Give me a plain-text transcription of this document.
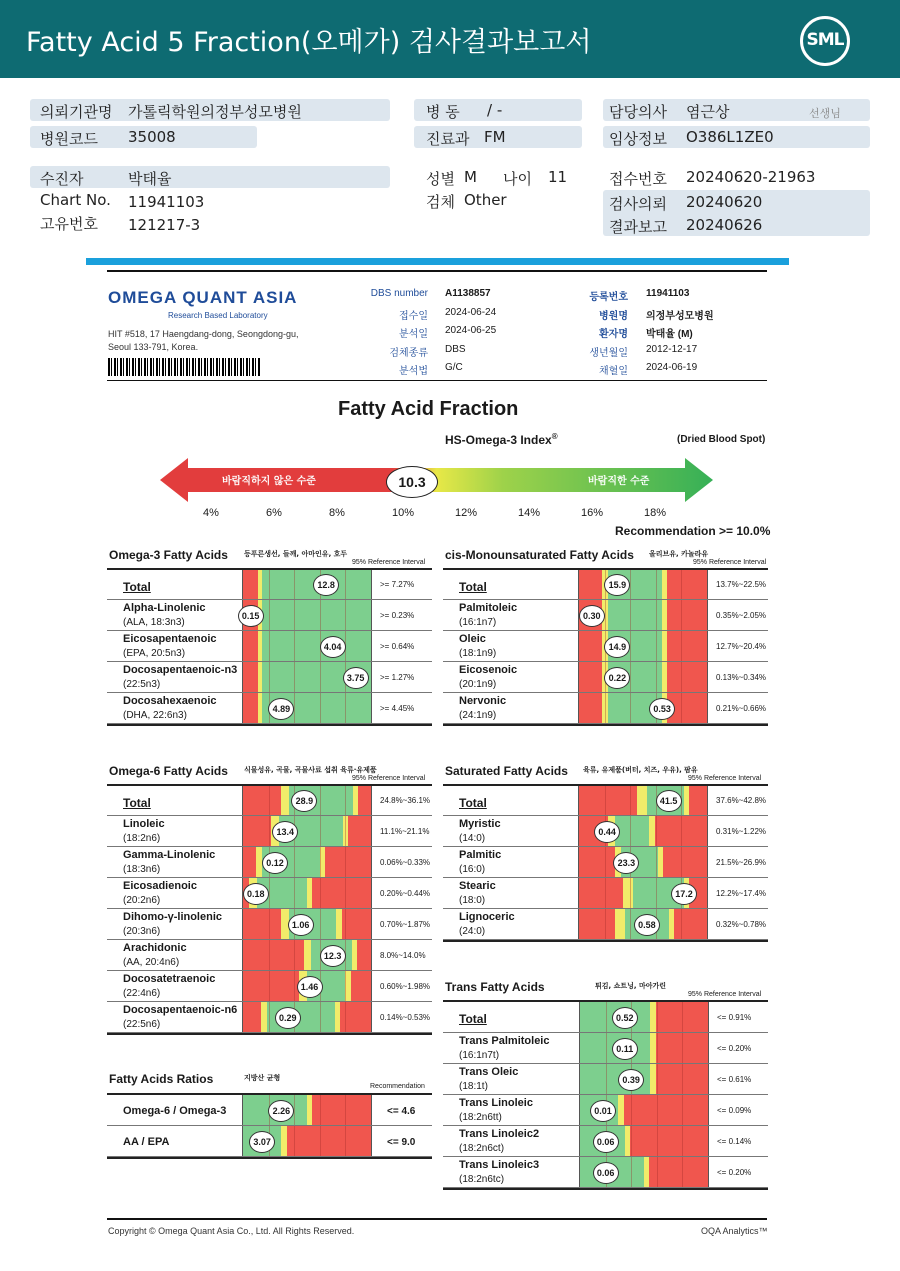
Fatty Acid 5 Fraction(오메가) 검사결과보고서	SML
의뢰기관명 가톨릭학원의정부성모병원
병원코드 35008
병 동 / -
진료과 FM
담당의사 염근상	선생님
임상정보 O386L1ZE0
수진자	박태율
Chart No. 11941103
고유번호 121217-3
성별 M 나이 11
검체 Other
접수번호 20240620-21963
검사의뢰 20240620
결과보고 20240626
OMEGA QUANT ASIA
Research Based Laboratory
HIT #518, 17 Haengdang-dong, Seongdong-gu,
Seoul 133-791, Korea.
DBS number A1138857
접수일 2024-06-24
분석일 2024-06-25
검체종류 DBS
분석법 G/C
등록번호 11941103
병원명 의정부성모병원
환자명 박태율 (M)
생년월일 2012-12-17
채혈일 2024-06-19
Fatty Acid Fraction
HS-Omega-3 Index®	(Dried Blood Spot)
바람직하지 않은 수준	바람직한 수준
10.3
4%	6%	8%	10%	12%	14%	16%	18%
Recommendation >= 10.0%
Omega-3 Fatty Acids 등푸른생선, 들깨, 아마인유, 호두
95% Reference Interval
Total	12.8	>= 7.27%
Alpha-Linolenic
(ALA, 18:3n3)
0.15	>= 0.23%
Eicosapentaenoic
(EPA, 20:5n3)
4.04	>= 0.64%
Docosapentaenoic-n3
(22:5n3)
3.75	>= 1.27%
Docosahexaenoic
(DHA, 22:6n3)
4.89	>= 4.45%
cis-Monounsaturated Fatty Acids 올리브유, 카놀라유
95% Reference Interval
Total	15.9	13.7%~22.5%
Palmitoleic
(16:1n7)
0.30	0.35%~2.05%
Oleic
(18:1n9)
14.9	12.7%~20.4%
Eicosenoic
(20:1n9)
0.22	0.13%~0.34%
Nervonic
(24:1n9)
0.53	0.21%~0.66%
Omega-6 Fatty Acids 식물성유, 곡물, 곡물사료 섭취 육류·유제품
95% Reference Interval
Total	28.9	24.8%~36.1%
Linoleic
(18:2n6)
13.4	11.1%~21.1%
Gamma-Linolenic
(18:3n6)
0.12	0.06%~0.33%
Eicosadienoic
(20:2n6)
0.18	0.20%~0.44%
Dihomo-γ-linolenic
(20:3n6)
1.06	0.70%~1.87%
Arachidonic
(AA, 20:4n6)
12.3	8.0%~14.0%
Docosatetraenoic
(22:4n6)
1.46	0.60%~1.98%
Docosapentaenoic-n6
(22:5n6)
0.29	0.14%~0.53%
Saturated Fatty Acids 육류, 유제품(버터, 치즈, 우유), 팜유
95% Reference Interval
Total	41.5	37.6%~42.8%
Myristic
(14:0)
0.44	0.31%~1.22%
Palmitic
(16:0)
23.3	21.5%~26.9%
Stearic
(18:0)
17.2	12.2%~17.4%
Lignoceric
(24:0)
0.58	0.32%~0.78%
Trans Fatty Acids	튀김, 쇼트닝, 마아가린
95% Reference Interval
Total	0.52	<= 0.91%
Trans Palmitoleic
(16:1n7t)
0.11	<= 0.20%
Trans Oleic
(18:1t)
0.39	<= 0.61%
Trans Linoleic
(18:2n6tt)
0.01	<= 0.09%
Trans Linoleic2
(18:2n6ct)
0.06	<= 0.14%
Trans Linoleic3
(18:2n6tc)
0.06	<= 0.20%
Fatty Acids Ratios	지방산 균형
Recommendation
Omega-6 / Omega-3	2.26	<= 4.6
AA / EPA	3.07	<= 9.0
Copyright © Omega Quant Asia Co., Ltd. All Rights Reserved.	OQA Analytics™
